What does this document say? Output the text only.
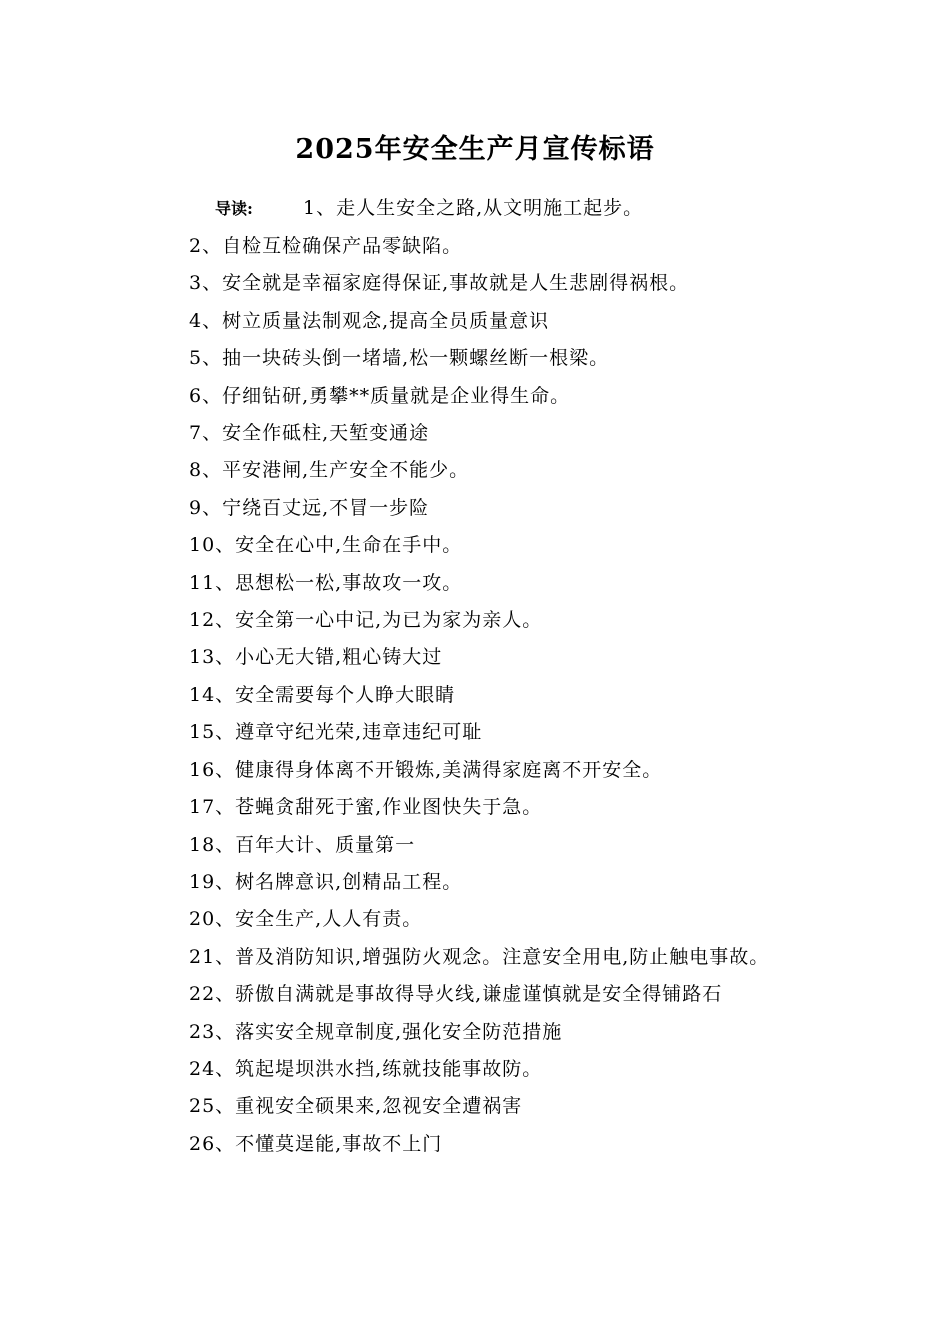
2025年安全生产月宣传标语
导读:	1、走人生安全之路,从文明施工起步。
2、自检互检确保产品零缺陷。
3、安全就是幸福家庭得保证,事故就是人生悲剧得祸根。
4、树立质量法制观念,提高全员质量意识
5、抽一块砖头倒一堵墙,松一颗螺丝断一根梁。
6、仔细钻研,勇攀**质量就是企业得生命。
7、安全作砥柱,天堑变通途
8、平安港闸,生产安全不能少。
9、宁绕百丈远,不冒一步险
10、安全在心中,生命在手中。
11、思想松一松,事故攻一攻。
12、安全第一心中记,为已为家为亲人。
13、小心无大错,粗心铸大过
14、安全需要每个人睁大眼睛
15、遵章守纪光荣,违章违纪可耻
16、健康得身体离不开锻炼,美满得家庭离不开安全。
17、苍蝇贪甜死于蜜,作业图快失于急。
18、百年大计、质量第一
19、树名牌意识,创精品工程。
20、安全生产,人人有责。
21、普及消防知识,增强防火观念。注意安全用电,防止触电事故。
22、骄傲自满就是事故得导火线,谦虚谨慎就是安全得铺路石
23、落实安全规章制度,强化安全防范措施
24、筑起堤坝洪水挡,练就技能事故防。
25、重视安全硕果来,忽视安全遭祸害
26、不懂莫逞能,事故不上门
